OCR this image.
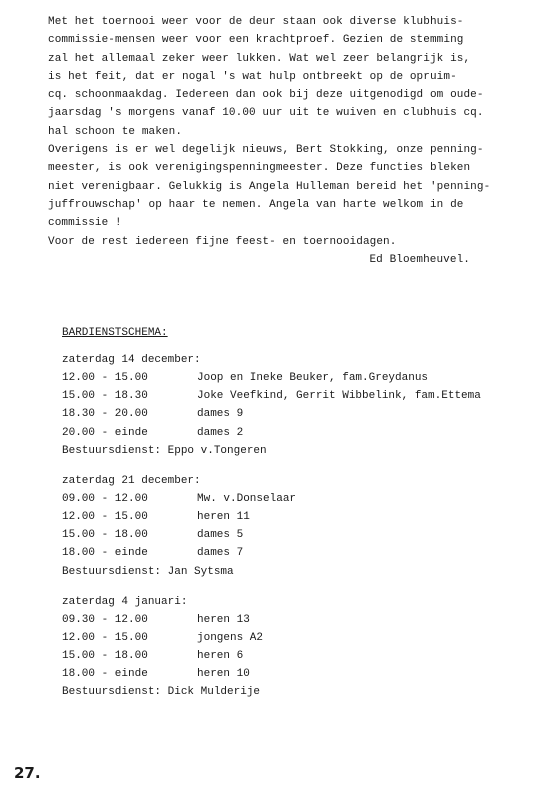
Met het toernooi weer voor de deur staan ook diverse klubhuis-
commissie-mensen weer voor een krachtproef. Gezien de stemming
zal het allemaal zeker weer lukken. Wat wel zeer belangrijk is,
is het feit, dat er nogal 's wat hulp ontbreekt op de opruim-
cq. schoonmaakdag. Iedereen dan ook bij deze uitgenodigd om oude-
jaarsdag 's morgens vanaf 10.00 uur uit te wuiven en clubhuis cq.
hal schoon te maken.
Overigens is er wel degelijk nieuws, Bert Stokking, onze penning-
meester, is ook verenigingspenningmeester. Deze functies bleken
niet verenigbaar. Gelukkig is Angela Hulleman bereid het 'penning-
juffrouwschap' op haar te nemen. Angela van harte welkom in de
commissie !
Voor de rest iedereen fijne feest- en toernooidagen.
Ed Bloemheuvel.
BARDIENSTSCHEMA:
zaterdag 14 december:
12.00 - 15.00	Joop en Ineke Beuker, fam.Greydanus
15.00 - 18.30	Joke Veefkind, Gerrit Wibbelink, fam.Ettema
18.30 - 20.00	dames 9
20.00 - einde	dames 2
Bestuursdienst: Eppo v.Tongeren
zaterdag 21 december:
09.00 - 12.00	Mw. v.Donselaar
12.00 - 15.00	heren 11
15.00 - 18.00	dames 5
18.00 - einde	dames 7
Bestuursdienst: Jan Sytsma
zaterdag 4 januari:
09.30 - 12.00	heren 13
12.00 - 15.00	jongens A2
15.00 - 18.00	heren 6
18.00 - einde	heren 10
Bestuursdienst: Dick Mulderije
27.
